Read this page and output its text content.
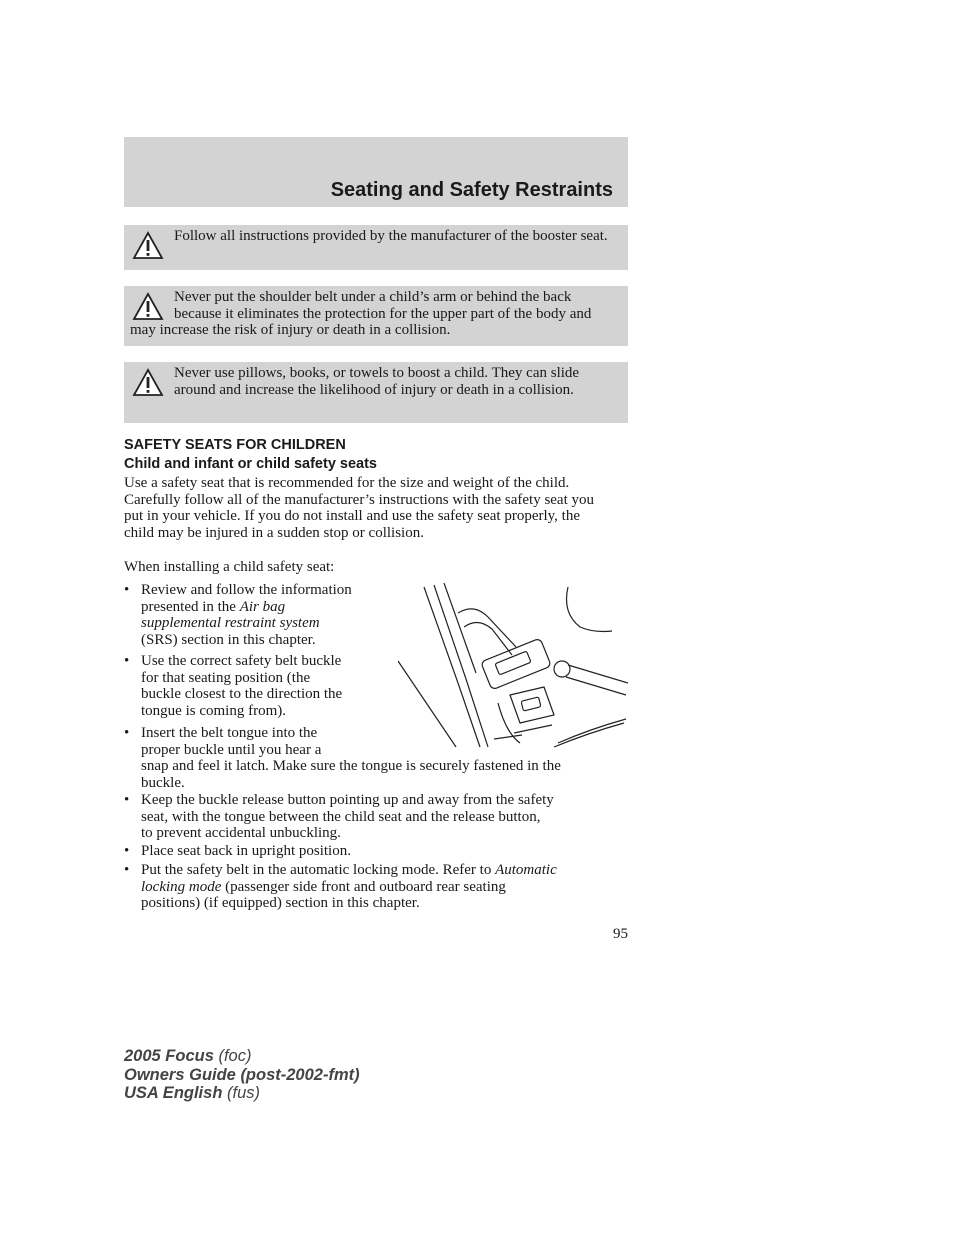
Seating and Safety Restraints
Follow all instructions provided by the manufacturer of the booster seat.
Never put the shoulder belt under a child’s arm or behind the back because it eliminates the protection for the upper part of the body and may increase the risk of injury or death in a collision.
Never use pillows, books, or towels to boost a child. They can slide around and increase the likelihood of injury or death in a collision.
SAFETY SEATS FOR CHILDREN
Child and infant or child safety seats
Use a safety seat that is recommended for the size and weight of the child. Carefully follow all of the manufacturer’s instructions with the safety seat you put in your vehicle. If you do not install and use the safety seat properly, the child may be injured in a sudden stop or collision.
When installing a child safety seat:
• Review and follow the information
presented in the Air bag
supplemental restraint system
(SRS) section in this chapter.
• Use the correct safety belt buckle
for that seating position (the
buckle closest to the direction the
tongue is coming from).
• Insert the belt tongue into the
proper buckle until you hear a
snap and feel it latch. Make sure the tongue is securely fastened in the
buckle.
• Keep the buckle release button pointing up and away from the safety
seat, with the tongue between the child seat and the release button,
to prevent accidental unbuckling.
• Place seat back in upright position.
• Put the safety belt in the automatic locking mode. Refer to Automatic
locking mode (passenger side front and outboard rear seating
positions) (if equipped) section in this chapter.
95
2005 Focus (foc)
Owners Guide (post-2002-fmt)
USA English (fus)
